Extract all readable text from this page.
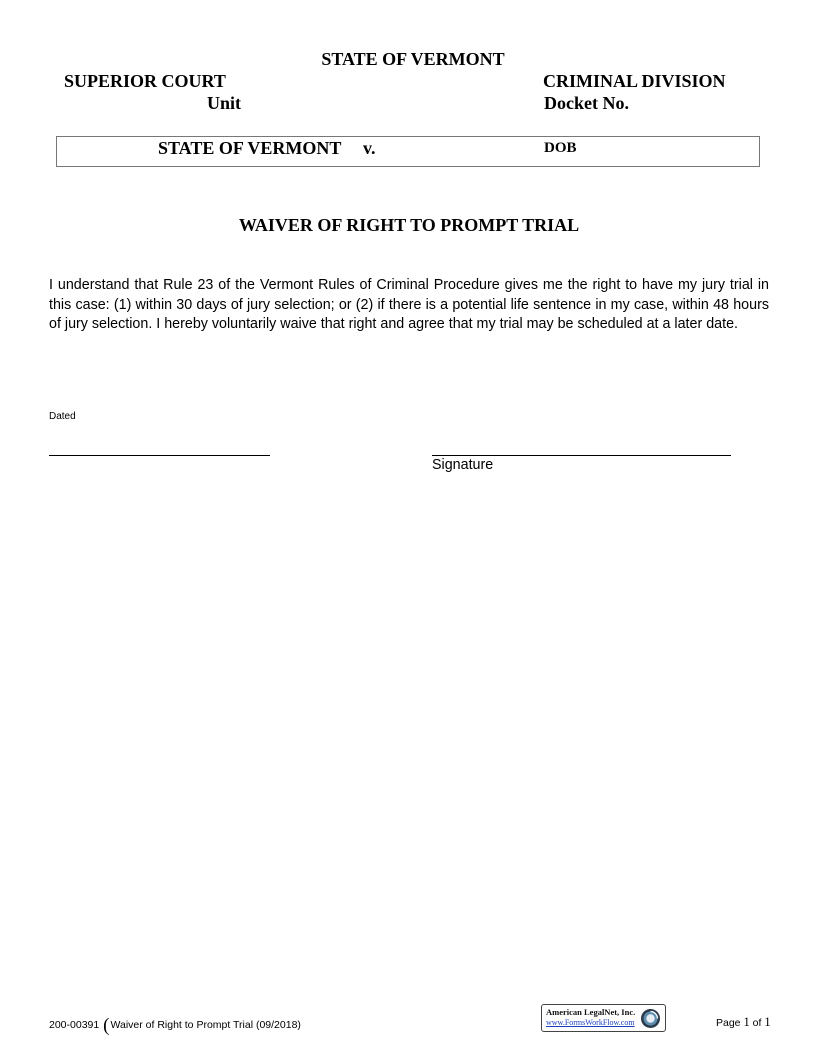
STATE OF VERMONT
SUPERIOR COURT
Unit
CRIMINAL DIVISION
Docket No.
STATE OF VERMONT v.	DOB
WAIVER OF RIGHT TO PROMPT TRIAL
I understand that Rule 23 of the Vermont Rules of Criminal Procedure gives me the right to have my jury trial in this case: (1) within 30 days of jury selection; or (2) if there is a potential life sentence in my case, within 48 hours of jury selection. I hereby voluntarily waive that right and agree that my trial may be scheduled at a later date.
Dated
Signature
200-00391 (Waiver of Right to Prompt Trial (09/2018)
American LegalNet, Inc.
www.FormsWorkFlow.com	Page 1 of 1
